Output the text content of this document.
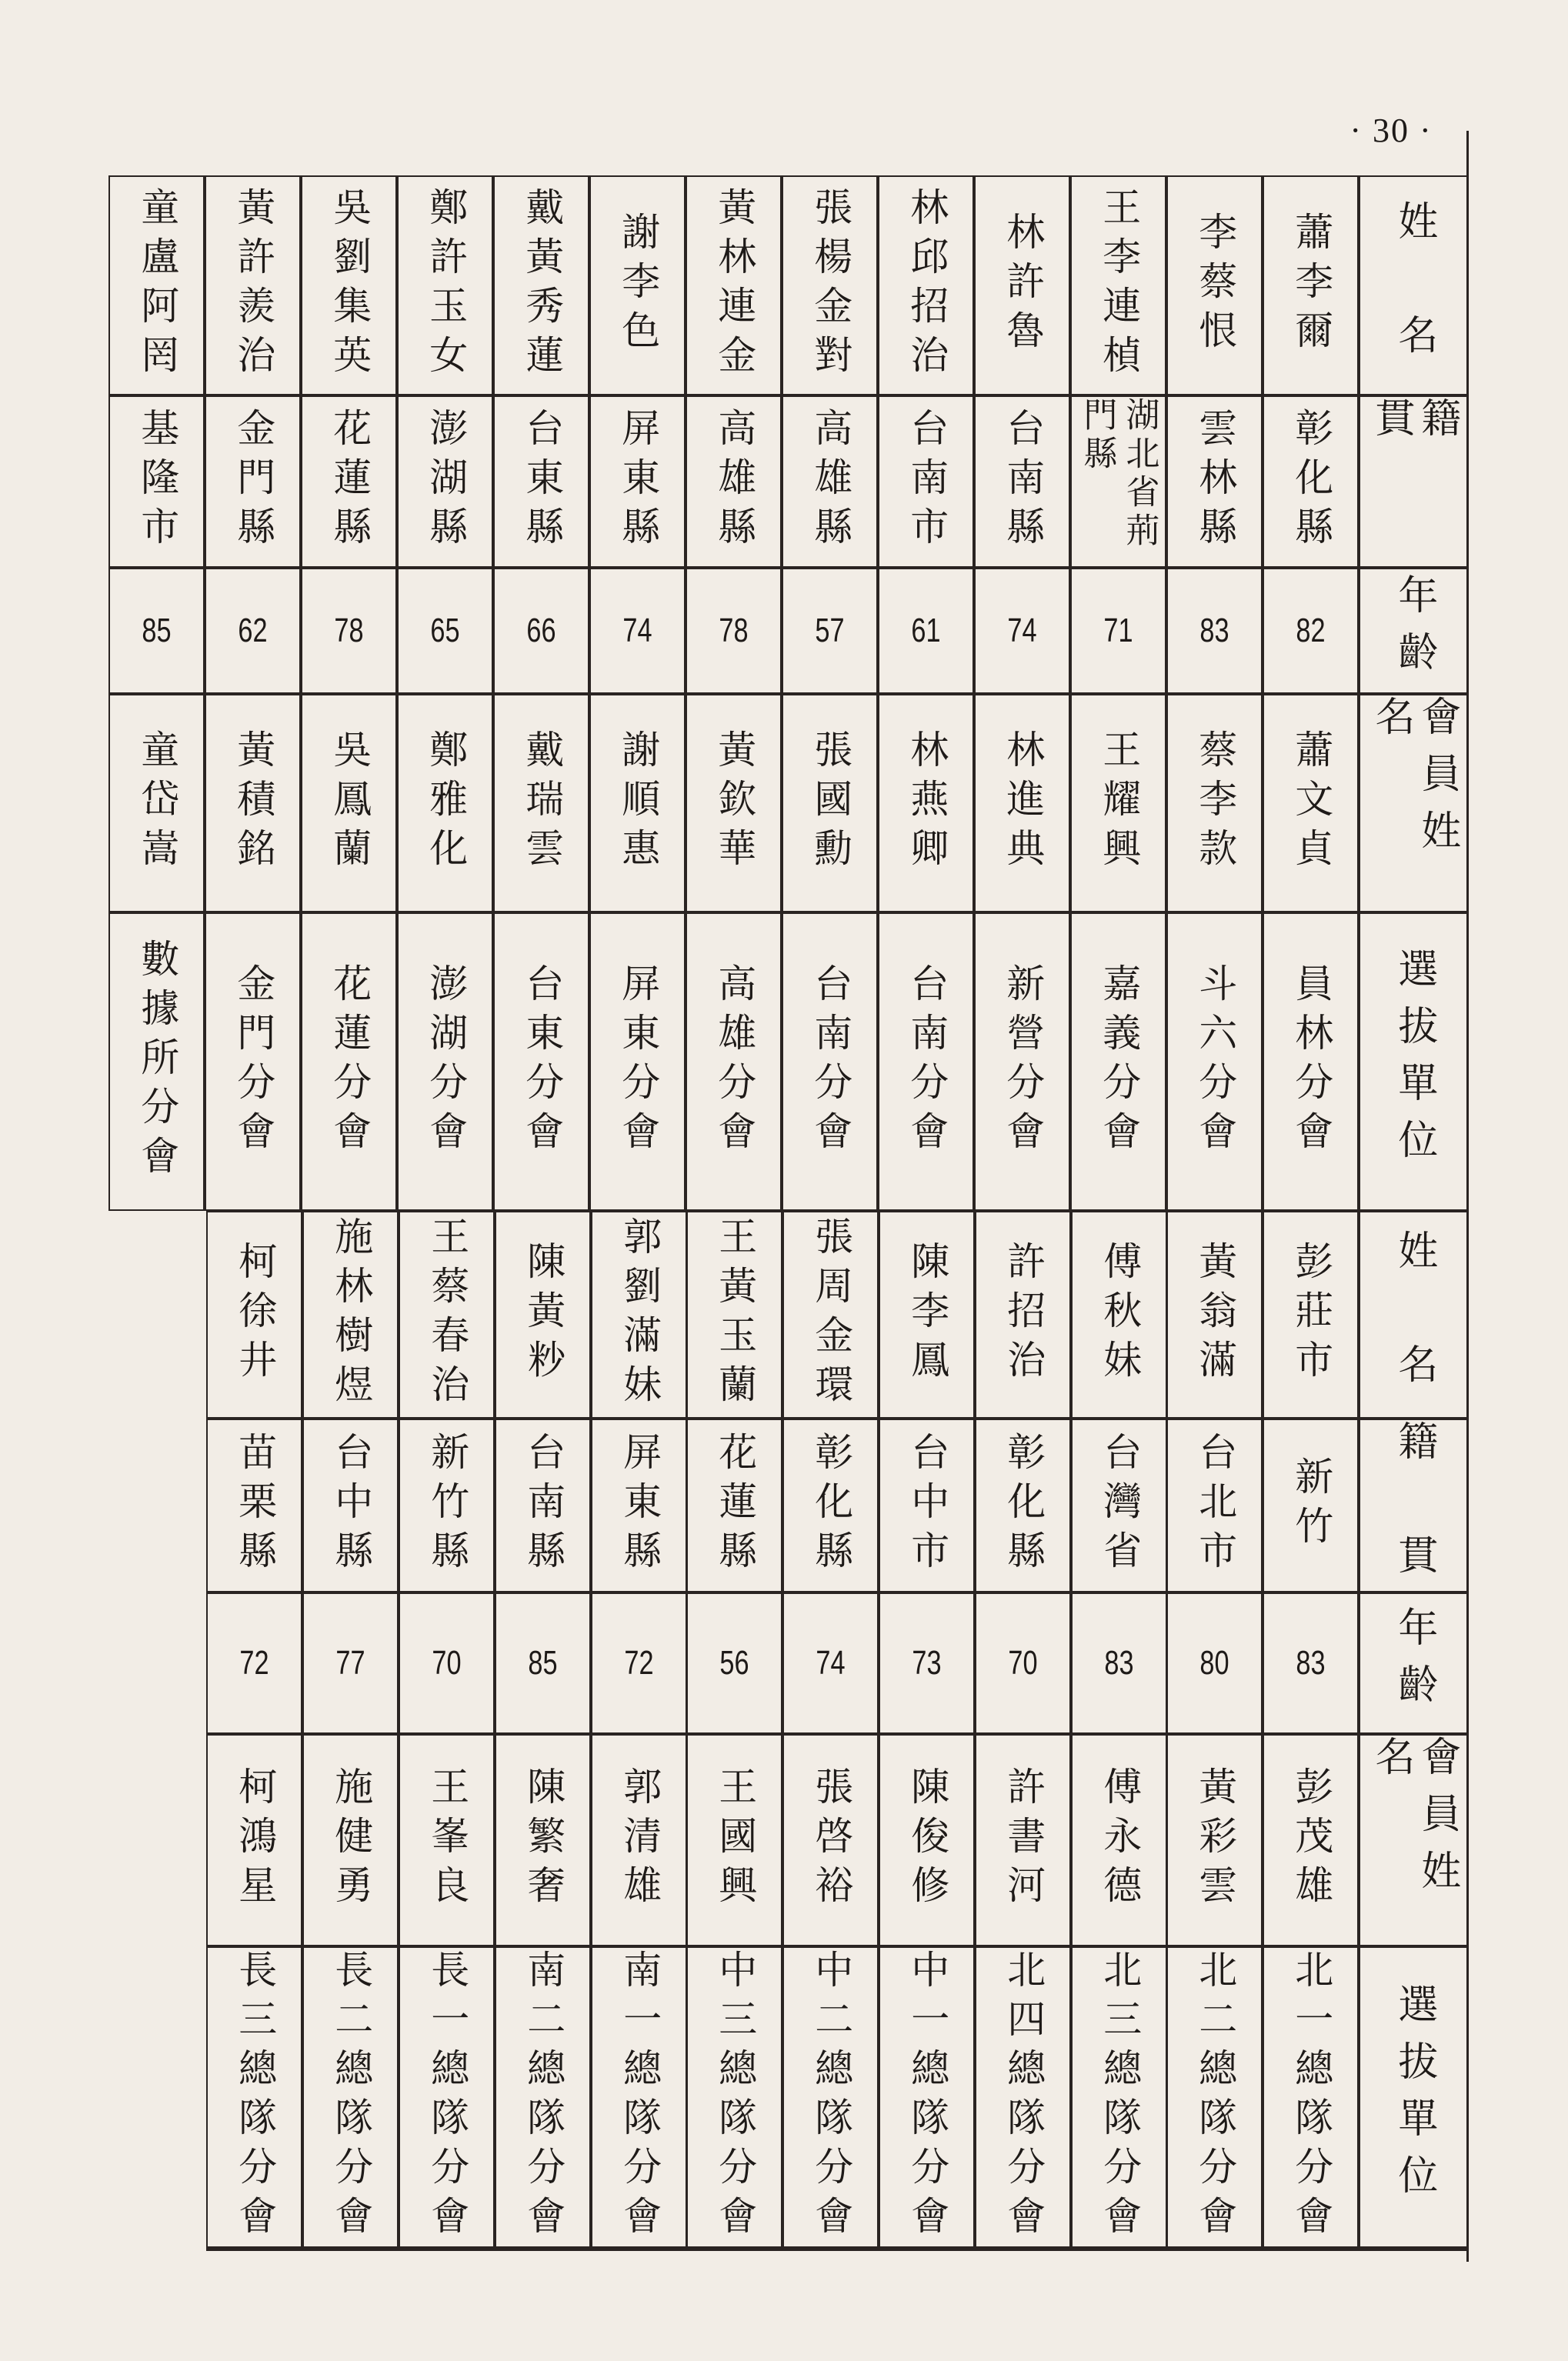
· 30 ·
姓　名
籍　貫
年齡
會員姓名
選拔單位
姓　名
籍　貫
年齡
會員姓名
選拔單位
蕭李爾
彰化縣
82
蕭文貞
員林分會
李蔡恨
雲林縣
83
蔡李款
斗六分會
王李連楨
湖北省荊門縣
71
王耀興
嘉義分會
林許魯
台南縣
74
林進典
新營分會
林邱招治
台南市
61
林燕卿
台南分會
張楊金對
高雄縣
57
張國勳
台南分會
黃林連金
高雄縣
78
黃欽華
高雄分會
謝李色
屏東縣
74
謝順惠
屏東分會
戴黃秀蓮
台東縣
66
戴瑞雲
台東分會
鄭許玉女
澎湖縣
65
鄭雅化
澎湖分會
吳劉集英
花蓮縣
78
吳鳳蘭
花蓮分會
黃許羨治
金門縣
62
黃積銘
金門分會
童盧阿罔
基隆市
85
童岱嵩
數據所分會
彭莊市
新竹
83
彭茂雄
北一總隊分會
黃翁滿
台北市
80
黃彩雲
北二總隊分會
傅秋妹
台灣省
83
傅永德
北三總隊分會
許招治
彰化縣
70
許書河
北四總隊分會
陳李鳳
台中市
73
陳俊修
中一總隊分會
張周金環
彰化縣
74
張啓裕
中二總隊分會
王黃玉蘭
花蓮縣
56
王國興
中三總隊分會
郭劉滿妹
屏東縣
72
郭清雄
南一總隊分會
陳黃粆
台南縣
85
陳繁奢
南二總隊分會
王蔡春治
新竹縣
70
王峯良
長一總隊分會
施林樹煜
台中縣
77
施健勇
長二總隊分會
柯徐井
苗栗縣
72
柯鴻星
長三總隊分會
